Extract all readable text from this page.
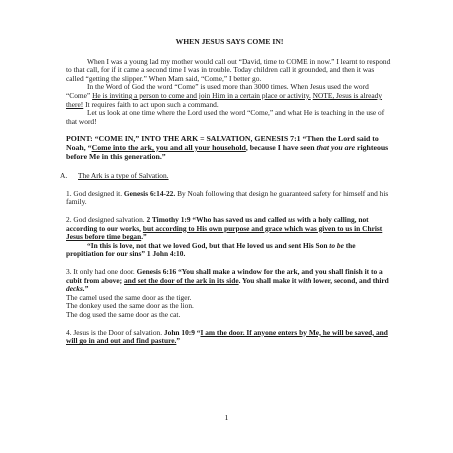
WHEN JESUS SAYS COME IN!

When I was a young lad my mother would call out “David, time to COME in now.” I learnt to respond to that call, for if it came a second time I was in trouble. Today children call it grounded, and then it was called “getting the slipper.” When Mam said, “Come,” I better go.

In the Word of God the word “Come” is used more than 3000 times. When Jesus used the word “Come” He is inviting a person to come and join Him in a certain place or activity. NOTE, Jesus is already there! It requires faith to act upon such a command.

Let us look at one time where the Lord used the word “Come,” and what He is teaching in the use of that word!

POINT: “COME IN,” INTO THE ARK = SALVATION, GENESIS 7:1 “Then the Lord said to Noah, “Come into the ark, you and all your household, because I have seen that you are righteous before Me in this generation.”

A.	The Ark is a type of Salvation.

1. God designed it. Genesis 6:14-22. By Noah following that design he guaranteed safety for himself and his family.

2. God designed salvation. 2 Timothy 1:9 “Who has saved us and called us with a holy calling, not according to our works, but according to His own purpose and grace which was given to us in Christ Jesus before time began.”

“In this is love, not that we loved God, but that He loved us and sent His Son to be the propitiation for our sins” 1 John 4:10.

3. It only had one door. Genesis 6:16 “You shall make a window for the ark, and you shall finish it to a cubit from above; and set the door of the ark in its side. You shall make it with lower, second, and third decks.”

The camel used the same door as the tiger.

The donkey used the same door as the lion.

The dog used the same door as the cat.

4. Jesus is the Door of salvation. John 10:9 “I am the door. If anyone enters by Me, he will be saved, and will go in and out and find pasture.”

1
